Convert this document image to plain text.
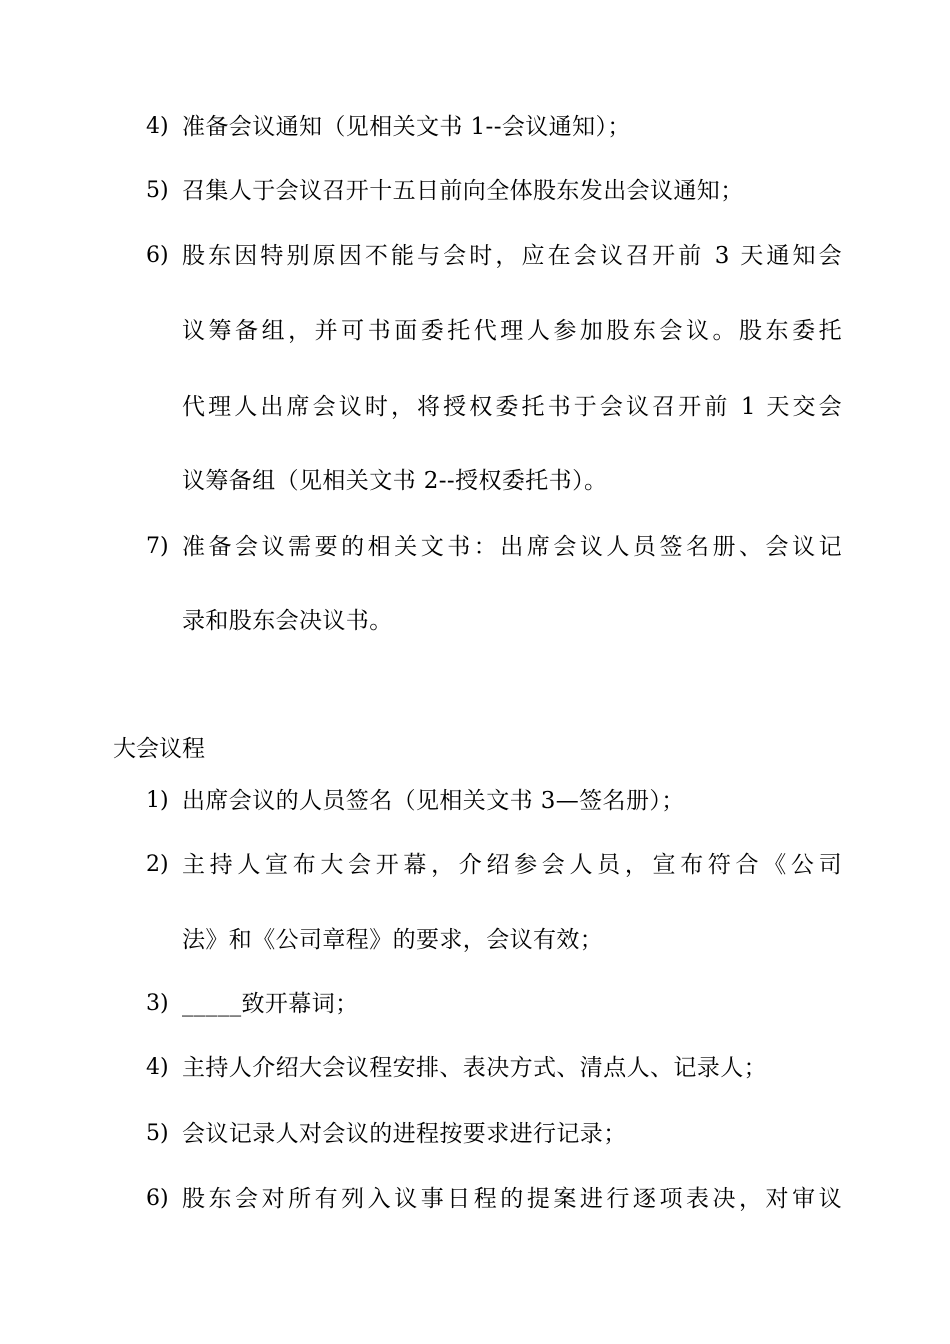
4) 准备会议通知（见相关文书 1--会议通知）；
5) 召集人于会议召开十五日前向全体股东发出会议通知；
6) 股东因特别原因不能与会时，应在会议召开前 3 天通知会
议筹备组，并可书面委托代理人参加股东会议。股东委托
代理人出席会议时，将授权委托书于会议召开前 1 天交会
议筹备组（见相关文书 2--授权委托书）。
7) 准备会议需要的相关文书：出席会议人员签名册、会议记
录和股东会决议书。
大会议程
1) 出席会议的人员签名（见相关文书 3—签名册）；
2) 主持人宣布大会开幕，介绍参会人员，宣布符合《公司
法》和《公司章程》的要求，会议有效；
3) _____致开幕词；
4) 主持人介绍大会议程安排、表决方式、清点人、记录人；
5) 会议记录人对会议的进程按要求进行记录；
6) 股东会对所有列入议事日程的提案进行逐项表决，对审议
